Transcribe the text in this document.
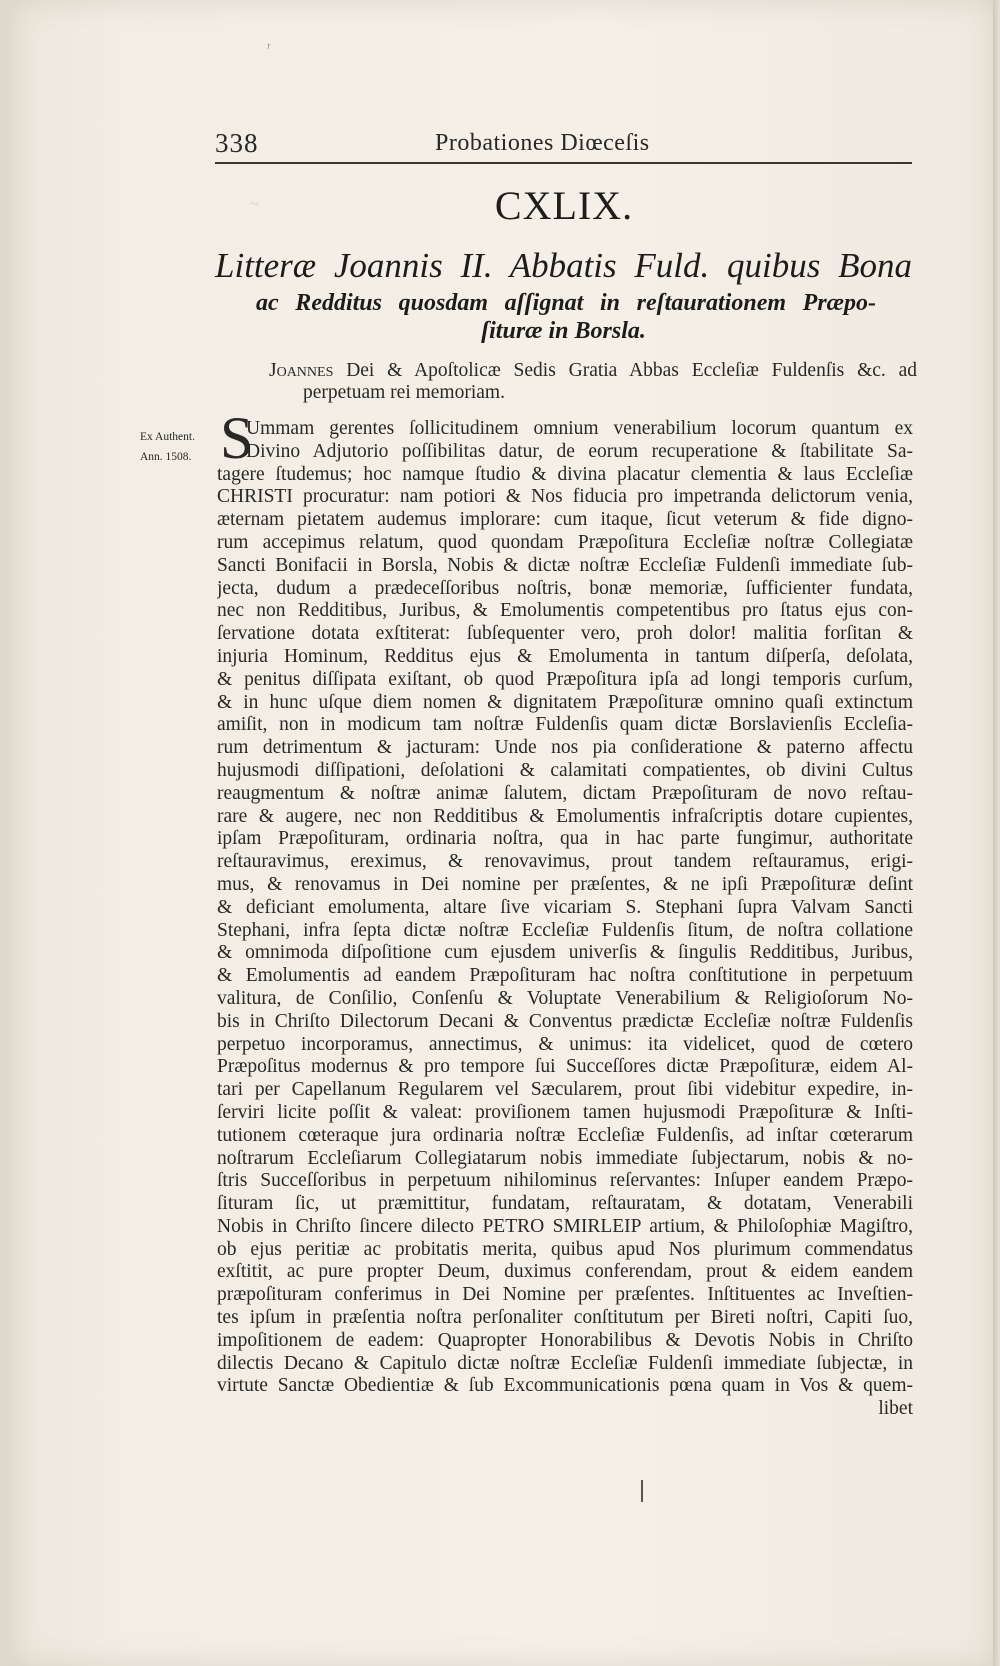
ʳ
~
338	Probationes Diœceſis
CXLIX.
Litteræ Joannis II. Abbatis Fuld. quibus Bona
ac Redditus quosdam aſſignat in reſtaurationem Præpo-
ſituræ in Borsla.
Joannes Dei & Apoſtolicæ Sedis Gratia Abbas Eccleſiæ Fuldenſis &c. ad
perpetuam rei memoriam.
Ex Authent.
Ann. 1508. S
Ummam gerentes ſollicitudinem omnium venerabilium locorum quantum ex
Divino Adjutorio poſſibilitas datur, de eorum recuperatione & ſtabilitate Sa-
tagere ſtudemus; hoc namque ſtudio & divina placatur clementia & laus Eccleſiæ
CHRISTI procuratur: nam potiori & Nos fiducia pro impetranda delictorum venia,
æternam pietatem audemus implorare: cum itaque, ſicut veterum & fide digno-
rum accepimus relatum, quod quondam Præpoſitura Eccleſiæ noſtræ Collegiatæ
Sancti Bonifacii in Borsla, Nobis & dictæ noſtræ Eccleſiæ Fuldenſi immediate ſub-
jecta, dudum a prædeceſſoribus noſtris, bonæ memoriæ, ſufficienter fundata,
nec non Redditibus, Juribus, & Emolumentis competentibus pro ſtatus ejus con-
ſervatione dotata exſtiterat: ſubſequenter vero, proh dolor! malitia forſitan &
injuria Hominum, Redditus ejus & Emolumenta in tantum diſperſa, deſolata,
& penitus diſſipata exiſtant, ob quod Præpoſitura ipſa ad longi temporis curſum,
& in hunc uſque diem nomen & dignitatem Præpoſituræ omnino quaſi extinctum
amiſit, non in modicum tam noſtræ Fuldenſis quam dictæ Borslavienſis Eccleſia-
rum detrimentum & jacturam: Unde nos pia conſideratione & paterno affectu
hujusmodi diſſipationi, deſolationi & calamitati compatientes, ob divini Cultus
reaugmentum & noſtræ animæ ſalutem, dictam Præpoſituram de novo reſtau-
rare & augere, nec non Redditibus & Emolumentis infraſcriptis dotare cupientes,
ipſam Præpoſituram, ordinaria noſtra, qua in hac parte fungimur, authoritate
reſtauravimus, ereximus, & renovavimus, prout tandem reſtauramus, erigi-
mus, & renovamus in Dei nomine per præſentes, & ne ipſi Præpoſituræ deſint
& deficiant emolumenta, altare ſive vicariam S. Stephani ſupra Valvam Sancti
Stephani, infra ſepta dictæ noſtræ Eccleſiæ Fuldenſis ſitum, de noſtra collatione
& omnimoda diſpoſitione cum ejusdem univerſis & ſingulis Redditibus, Juribus,
& Emolumentis ad eandem Præpoſituram hac noſtra conſtitutione in perpetuum
valitura, de Conſilio, Conſenſu & Voluptate Venerabilium & Religioſorum No-
bis in Chriſto Dilectorum Decani & Conventus prædictæ Eccleſiæ noſtræ Fuldenſis
perpetuo incorporamus, annectimus, & unimus: ita videlicet, quod de cœtero
Præpoſitus modernus & pro tempore ſui Succeſſores dictæ Præpoſituræ, eidem Al-
tari per Capellanum Regularem vel Sæcularem, prout ſibi videbitur expedire, in-
ſerviri licite poſſit & valeat: proviſionem tamen hujusmodi Præpoſituræ & Inſti-
tutionem cœteraque jura ordinaria noſtræ Eccleſiæ Fuldenſis, ad inſtar cœterarum
noſtrarum Eccleſiarum Collegiatarum nobis immediate ſubjectarum, nobis & no-
ſtris Succeſſoribus in perpetuum nihilominus reſervantes: Inſuper eandem Præpo-
ſituram ſic, ut præmittitur, fundatam, reſtauratam, & dotatam, Venerabili
Nobis in Chriſto ſincere dilecto PETRO SMIRLEIP artium, & Philoſophiæ Magiſtro,
ob ejus peritiæ ac probitatis merita, quibus apud Nos plurimum commendatus
exſtitit, ac pure propter Deum, duximus conferendam, prout & eidem eandem
præpoſituram conferimus in Dei Nomine per præſentes. Inſtituentes ac Inveſtien-
tes ipſum in præſentia noſtra perſonaliter conſtitutum per Bireti noſtri, Capiti ſuo,
impoſitionem de eadem: Quapropter Honorabilibus & Devotis Nobis in Chriſto
dilectis Decano & Capitulo dictæ noſtræ Eccleſiæ Fuldenſi immediate ſubjectæ, in
virtute Sanctæ Obedientiæ & ſub Excommunicationis pœna quam in Vos & quem-
libet
